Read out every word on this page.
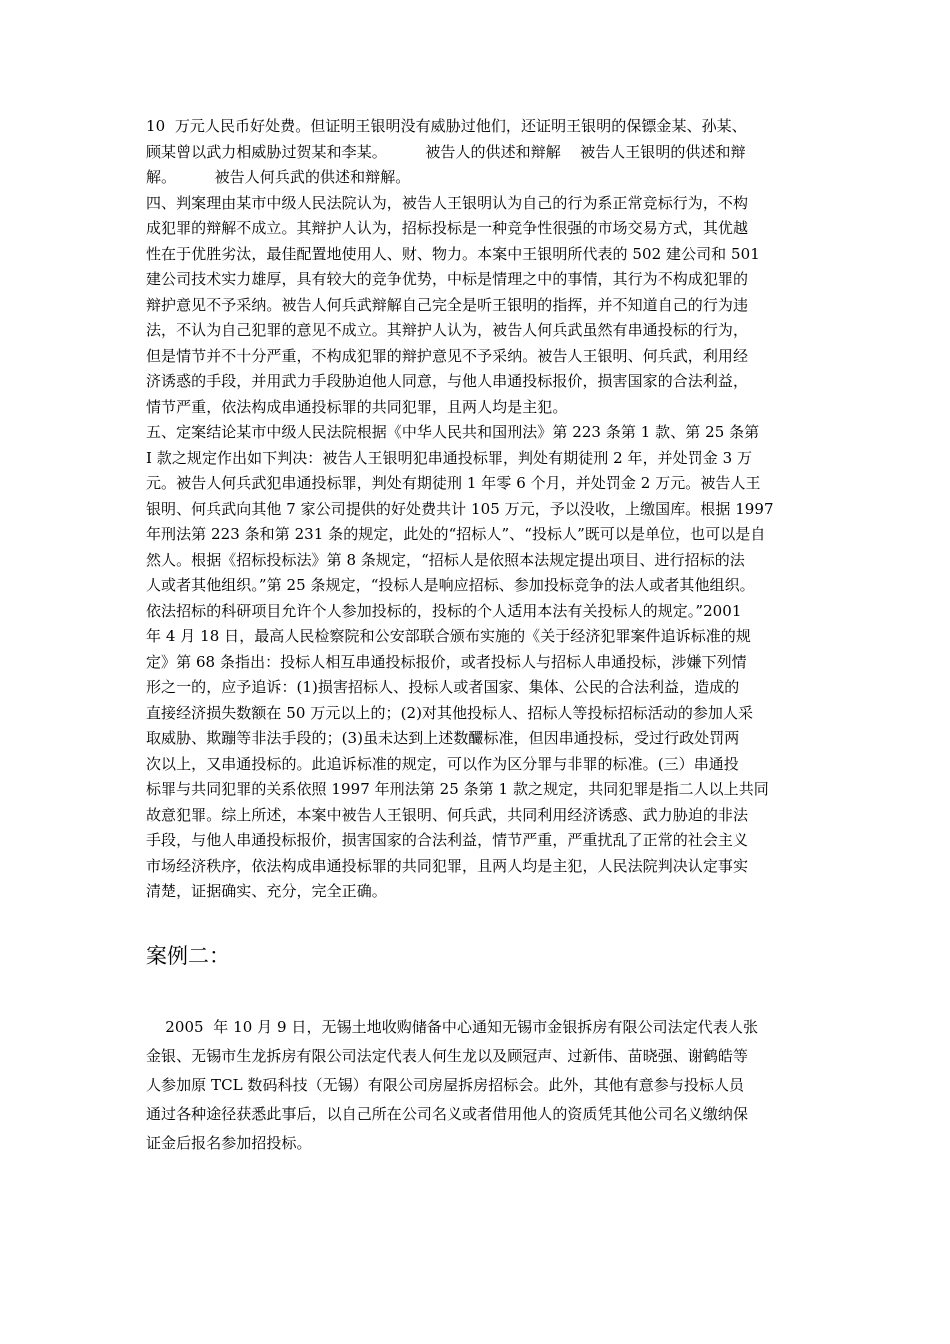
10  万元人民币好处费。但证明王银明没有威胁过他们，还证明王银明的保镖金某、孙某、
顾某曾以武力相威胁过贺某和李某。        被告人的供述和辩解    被告人王银明的供述和辩
解。        被告人何兵武的供述和辩解。
四、判案理由某市中级人民法院认为，被告人王银明认为自己的行为系正常竞标行为，不构
成犯罪的辩解不成立。其辩护人认为，招标投标是一种竞争性很强的市场交易方式，其优越
性在于优胜劣汰，最佳配置地使用人、财、物力。本案中王银明所代表的 502 建公司和 501
建公司技术实力雄厚，具有较大的竞争优势，中标是情理之中的事情，其行为不构成犯罪的
辩护意见不予采纳。被告人何兵武辩解自己完全是听王银明的指挥，并不知道自己的行为违
法，不认为自己犯罪的意见不成立。其辩护人认为，被告人何兵武虽然有串通投标的行为，
但是情节并不十分严重，不构成犯罪的辩护意见不予采纳。被告人王银明、何兵武，利用经
济诱惑的手段，并用武力手段胁迫他人同意，与他人串通投标报价，损害国家的合法利益，
情节严重，依法构成串通投标罪的共同犯罪，且两人均是主犯。
五、定案结论某市中级人民法院根据《中华人民共和国刑法》第 223 条第 1 款、第 25 条第
I 款之规定作出如下判决：被告人王银明犯串通投标罪，判处有期徒刑 2 年，并处罚金 3 万
元。被告人何兵武犯串通投标罪，判处有期徒刑 1 年零 6 个月，并处罚金 2 万元。被告人王
银明、何兵武向其他 7 家公司提供的好处费共计 105 万元，予以没收，上缴国库。根据 1997
年刑法第 223 条和第 231 条的规定，此处的“招标人”、“投标人”既可以是单位，也可以是自
然人。根据《招标投标法》第 8 条规定，“招标人是依照本法规定提出项目、进行招标的法
人或者其他组织。”第 25 条规定，“投标人是响应招标、参加投标竞争的法人或者其他组织。
依法招标的科研项目允许个人参加投标的，投标的个人适用本法有关投标人的规定。”2001
年 4 月 18 日，最高人民检察院和公安部联合颁布实施的《关于经济犯罪案件追诉标准的规
定》第 68 条指出：投标人相互串通投标报价，或者投标人与招标人串通投标，涉嫌下列情
形之一的，应予追诉：(1)损害招标人、投标人或者国家、集体、公民的合法利益，造成的
直接经济损失数额在 50 万元以上的；(2)对其他投标人、招标人等投标招标活动的参加人采
取威胁、欺蹦等非法手段的；(3)虽未达到上述数釅标准，但因串通投标，受过行政处罚两
次以上，又串通投标的。此追诉标准的规定，可以作为区分罪与非罪的标准。(三）串通投
标罪与共同犯罪的关系依照 1997 年刑法第 25 条第 1 款之规定，共同犯罪是指二人以上共同
故意犯罪。综上所述，本案中被告人王银明、何兵武，共同利用经济诱惑、武力胁迫的非法
手段，与他人串通投标报价，损害国家的合法利益，情节严重，严重扰乱了正常的社会主义
市场经济秩序，依法构成串通投标罪的共同犯罪，且两人均是主犯，人民法院判决认定事实
清楚，证据确实、充分，完全正确。
案例二：
2005  年 10 月 9 日，无锡土地收购储备中心通知无锡市金银拆房有限公司法定代表人张
金银、无锡市生龙拆房有限公司法定代表人何生龙以及顾冠声、过新伟、苗晓强、谢鹤皓等
人参加原 TCL 数码科技（无锡）有限公司房屋拆房招标会。此外，其他有意参与投标人员
通过各种途径获悉此事后，以自己所在公司名义或者借用他人的资质凭其他公司名义缴纳保
证金后报名参加招投标。
